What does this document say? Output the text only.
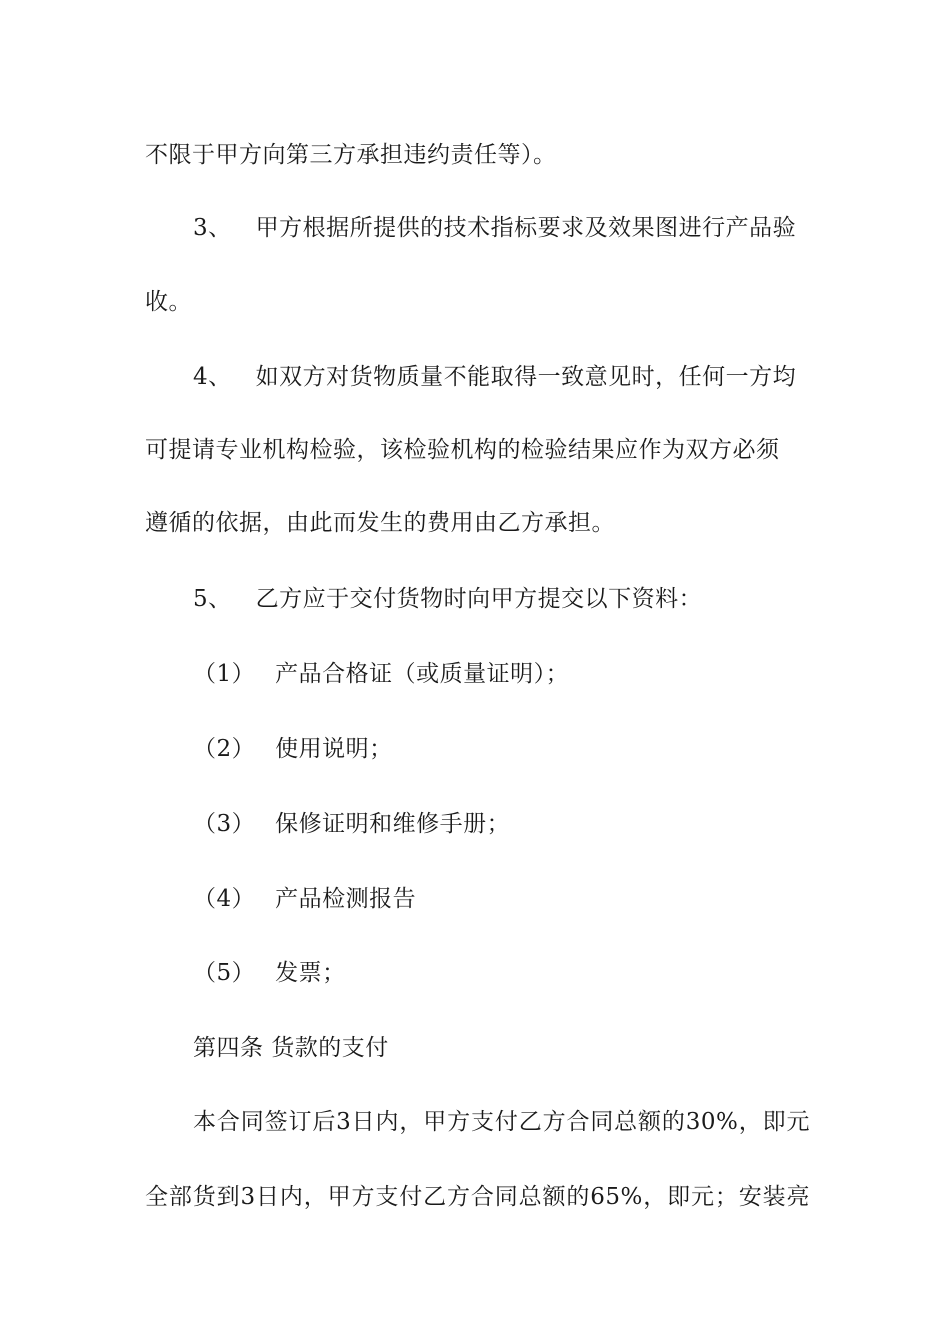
不限于甲方向第三方承担违约责任等）。
3、 甲方根据所提供的技术指标要求及效果图进行产品验
收。
4、 如双方对货物质量不能取得一致意见时，任何一方均
可提请专业机构检验，该检验机构的检验结果应作为双方必须
遵循的依据，由此而发生的费用由乙方承担。
5、 乙方应于交付货物时向甲方提交以下资料：
（1） 产品合格证（或质量证明）；
（2） 使用说明；
（3） 保修证明和维修手册；
（4） 产品检测报告
（5） 发票；
第四条 货款的支付
本合同签订后3日内，甲方支付乙方合同总额的30%，即元
全部货到3日内，甲方支付乙方合同总额的65%，即元；安装亮
